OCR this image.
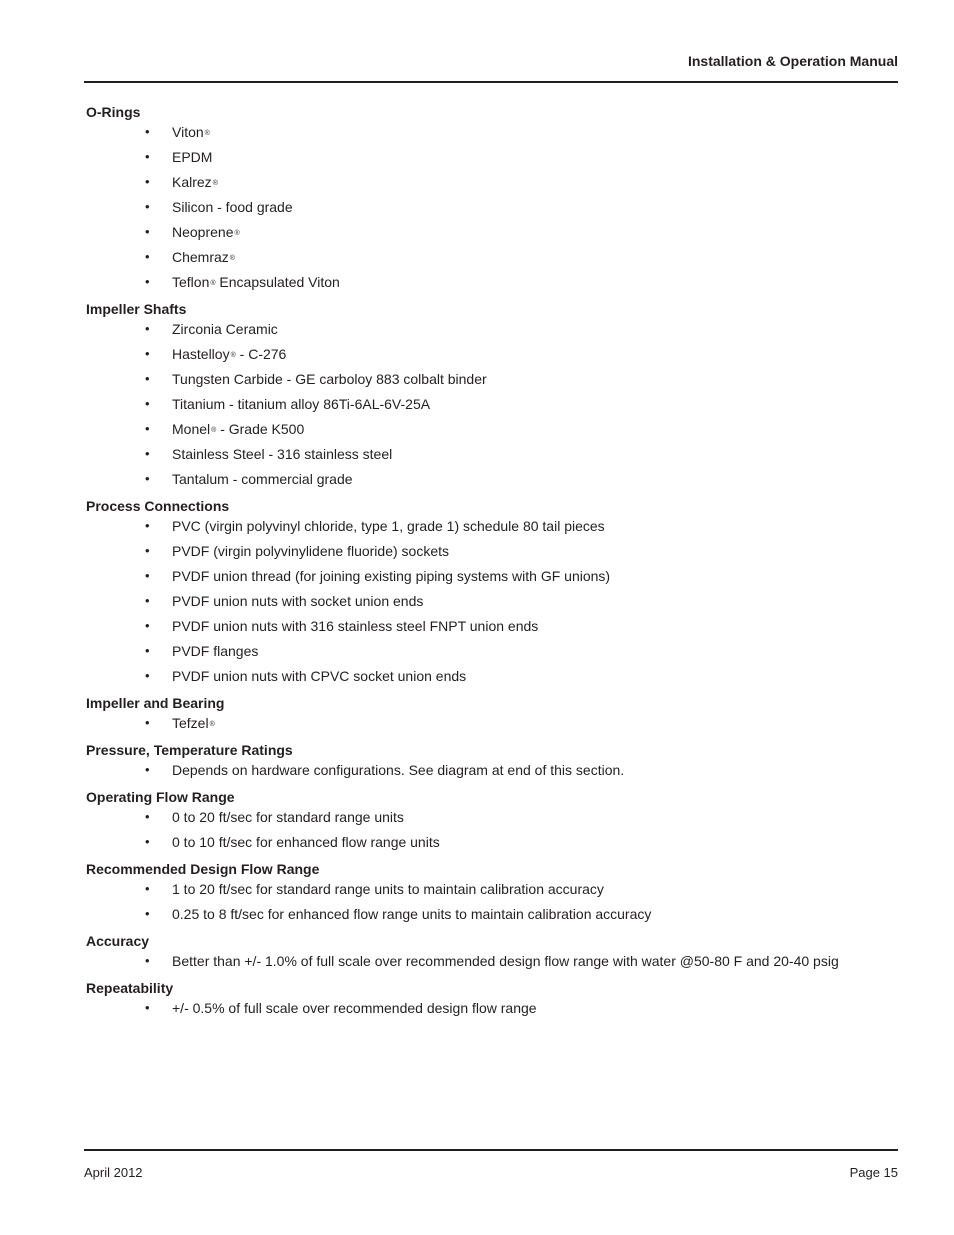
Installation & Operation Manual
O-Rings
• Viton®
• EPDM
• Kalrez®
• Silicon - food grade
• Neoprene®
• Chemraz®
• Teflon® Encapsulated Viton
Impeller Shafts
• Zirconia Ceramic
• Hastelloy® - C-276
• Tungsten Carbide - GE carboloy 883 colbalt binder
• Titanium - titanium alloy 86Ti-6AL-6V-25A
• Monel® - Grade K500
• Stainless Steel - 316 stainless steel
• Tantalum - commercial grade
Process Connections
• PVC (virgin polyvinyl chloride, type 1, grade 1) schedule 80 tail pieces
• PVDF (virgin polyvinylidene fluoride) sockets
• PVDF union thread (for joining existing piping systems with GF unions)
• PVDF union nuts with socket union ends
• PVDF union nuts with 316 stainless steel FNPT union ends
• PVDF flanges
• PVDF union nuts with CPVC socket union ends
Impeller and Bearing
• Tefzel®
Pressure, Temperature Ratings
• Depends on hardware configurations. See diagram at end of this section.
Operating Flow Range
• 0 to 20 ft/sec for standard range units
• 0 to 10 ft/sec for enhanced flow range units
Recommended Design Flow Range
• 1 to 20 ft/sec for standard range units to maintain calibration accuracy
• 0.25 to 8 ft/sec for enhanced flow range units to maintain calibration accuracy
Accuracy
• Better than +/- 1.0% of full scale over recommended design flow range with water @50-80 F and 20-40 psig
Repeatability
• +/- 0.5% of full scale over recommended design flow range
April 2012	Page 15
